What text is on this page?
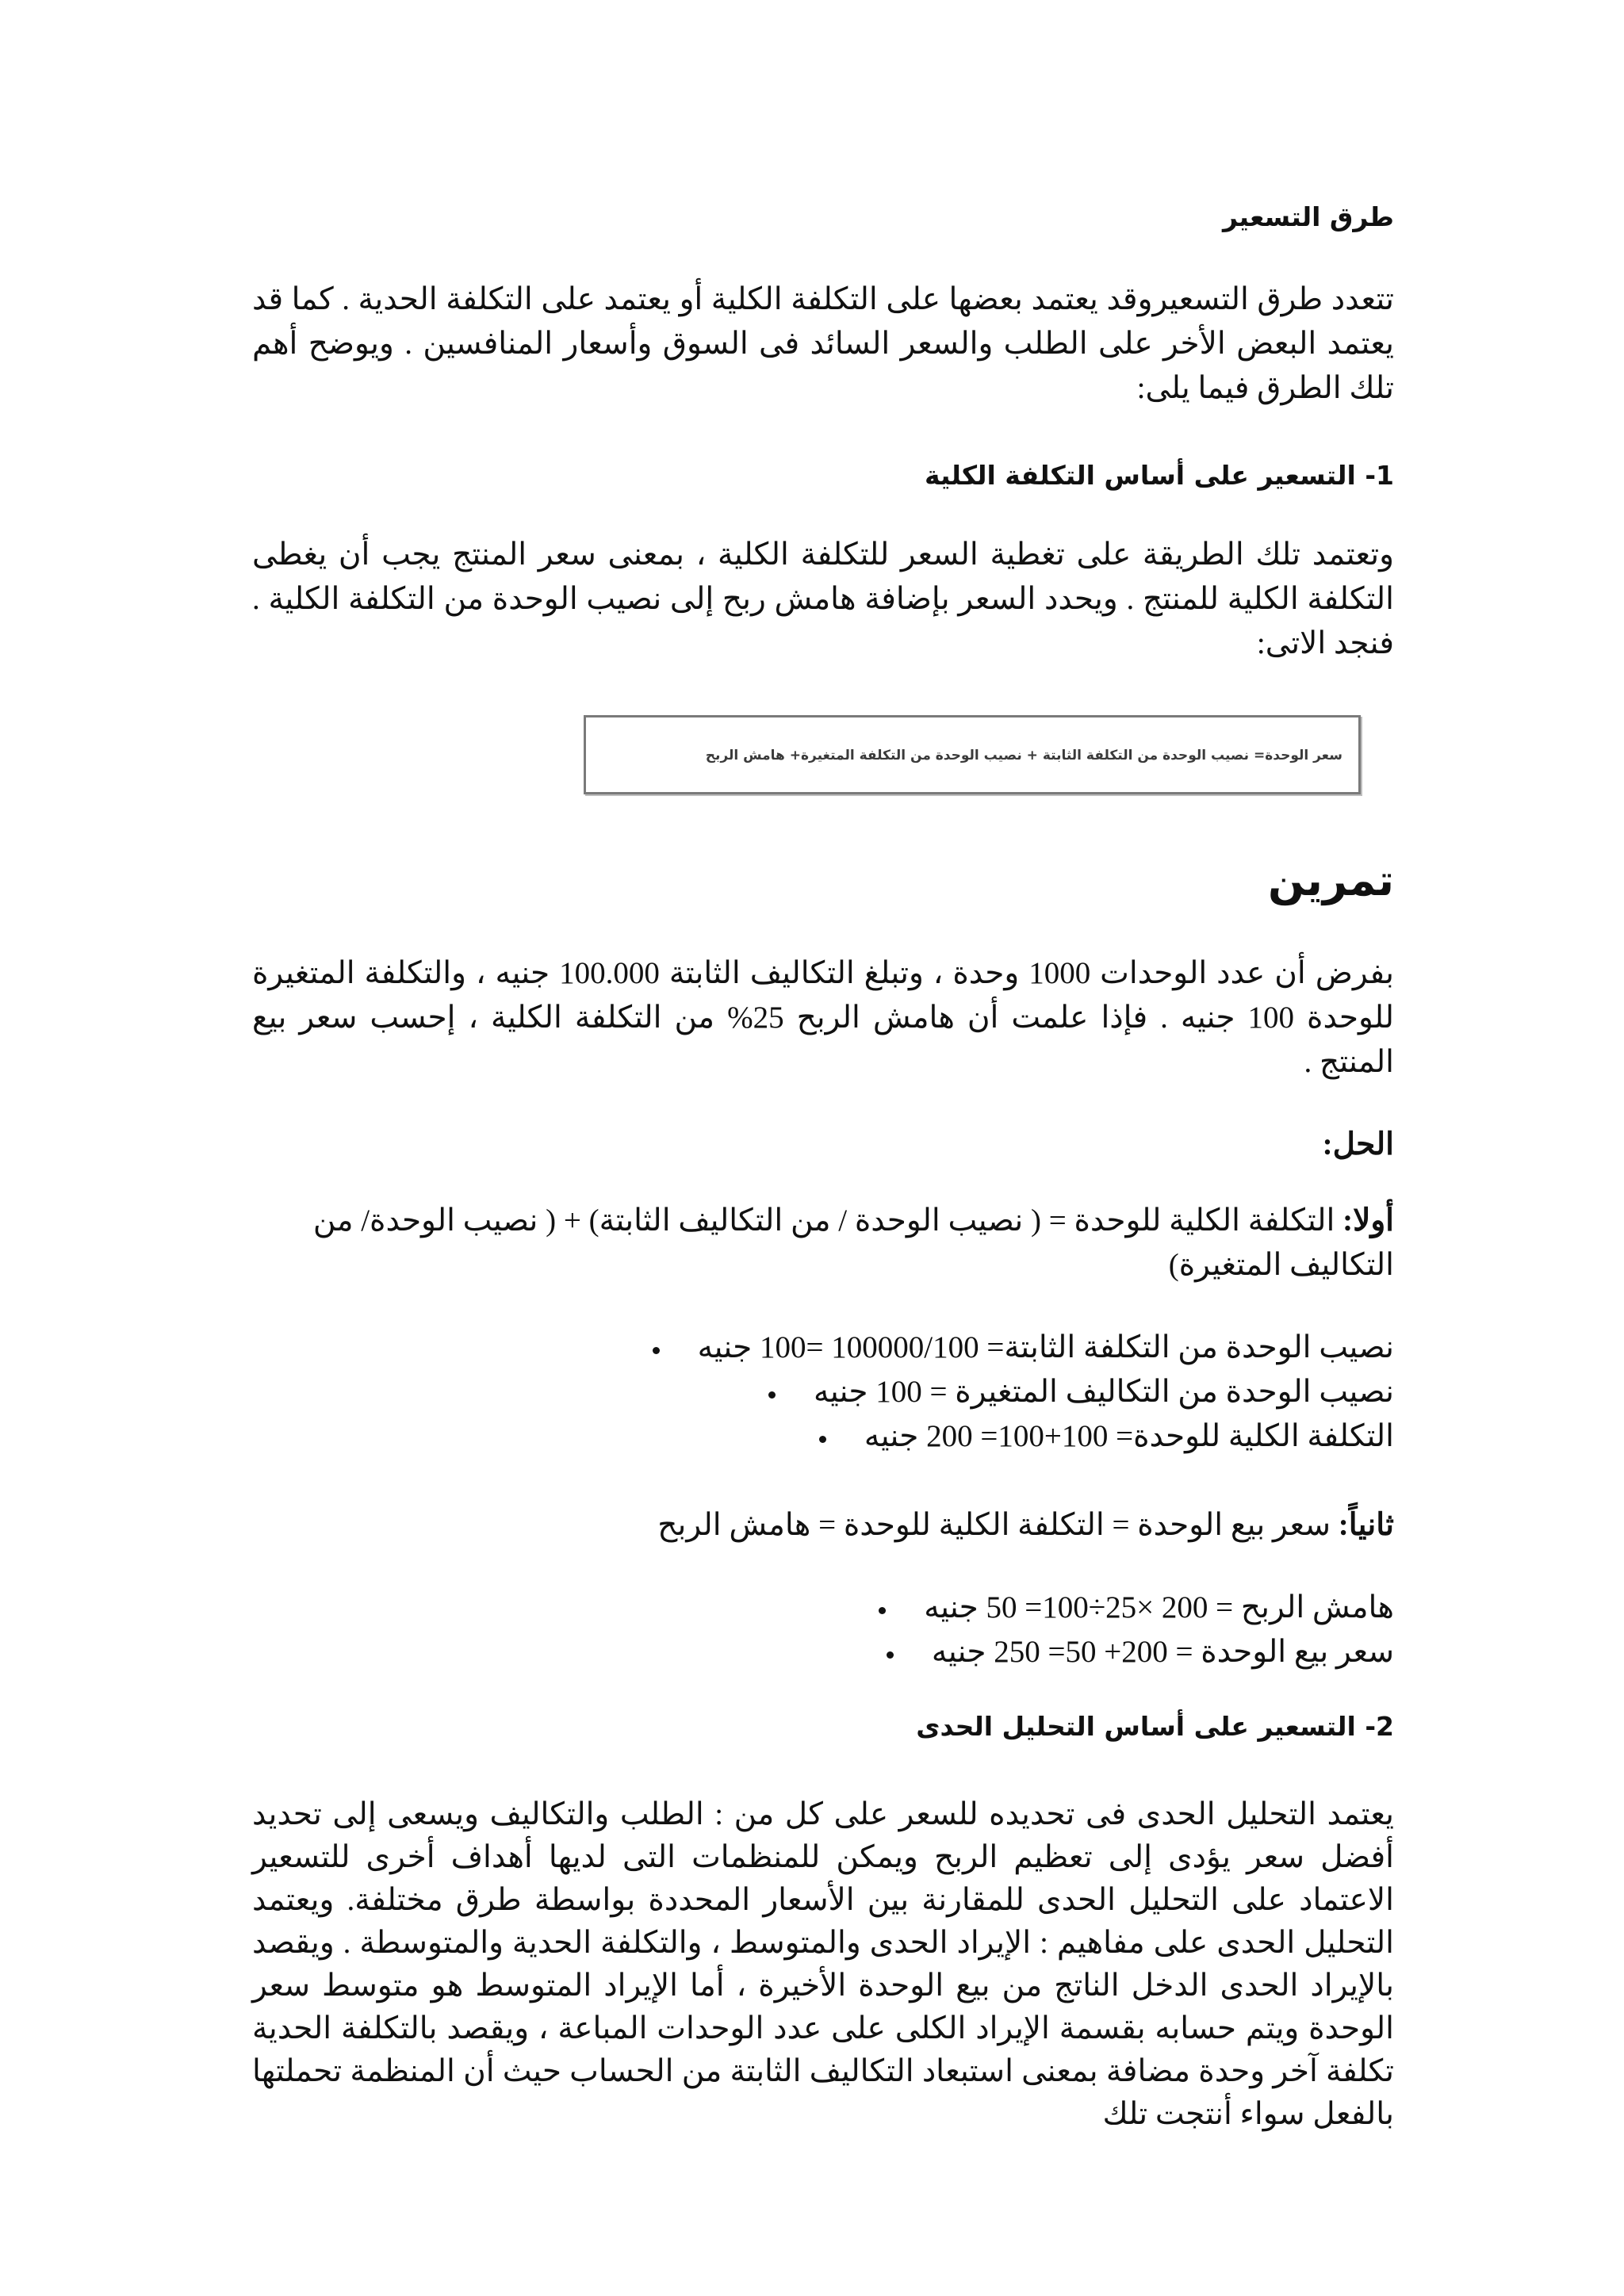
طرق التسعير
تتعدد طرق التسعيروقد يعتمد بعضها على التكلفة الكلية أو يعتمد على التكلفة الحدية . كما قد يعتمد البعض الأخر على الطلب والسعر السائد فى السوق وأسعار المنافسين . ويوضح أهم تلك الطرق فيما يلى:
1- التسعير على أساس التكلفة الكلية
وتعتمد تلك الطريقة على تغطية السعر للتكلفة الكلية ، بمعنى سعر المنتج يجب أن يغطى التكلفة الكلية للمنتج . ويحدد السعر بإضافة هامش ربح إلى نصيب الوحدة من التكلفة الكلية . فنجد الاتى:
سعر الوحدة= نصيب الوحدة من التكلفة الثابتة + نصيب الوحدة من التكلفة المتغيرة+ هامش الربح
تمرين
بفرض أن عدد الوحدات 1000 وحدة ، وتبلغ التكاليف الثابتة 100.000 جنيه ، والتكلفة المتغيرة للوحدة 100 جنيه . فإذا علمت أن هامش الربح 25% من التكلفة الكلية ، إحسب سعر بيع المنتج .
الحل:
أولا: التكلفة الكلية للوحدة = ( نصيب الوحدة / من التكاليف الثابتة) + ( نصيب الوحدة/ من التكاليف المتغيرة)
نصيب الوحدة من التكلفة الثابتة= 100000/100 =100 جنيه
نصيب الوحدة من التكاليف المتغيرة = 100 جنيه
التكلفة الكلية للوحدة= 100+100= 200 جنيه
ثانياً: سعر بيع الوحدة = التكلفة الكلية للوحدة = هامش الربح
هامش الربح = 200 ×25÷100= 50 جنيه
سعر بيع الوحدة = 200+ 50= 250 جنيه
2- التسعير على أساس التحليل الحدى
يعتمد التحليل الحدى فى تحديده للسعر على كل من : الطلب والتكاليف ويسعى إلى تحديد أفضل سعر يؤدى إلى تعظيم الربح ويمكن للمنظمات التى لديها أهداف أخرى للتسعير الاعتماد على التحليل الحدى للمقارنة بين الأسعار المحددة بواسطة طرق مختلفة. ويعتمد التحليل الحدى على مفاهيم : الإيراد الحدى والمتوسط ، والتكلفة الحدية والمتوسطة . ويقصد بالإيراد الحدى الدخل الناتج من بيع الوحدة الأخيرة ، أما الإيراد المتوسط هو متوسط سعر الوحدة ويتم حسابه بقسمة الإيراد الكلى على عدد الوحدات المباعة ، ويقصد بالتكلفة الحدية تكلفة آخر وحدة مضافة بمعنى استبعاد التكاليف الثابتة من الحساب حيث أن المنظمة تحملتها بالفعل سواء أنتجت تلك
